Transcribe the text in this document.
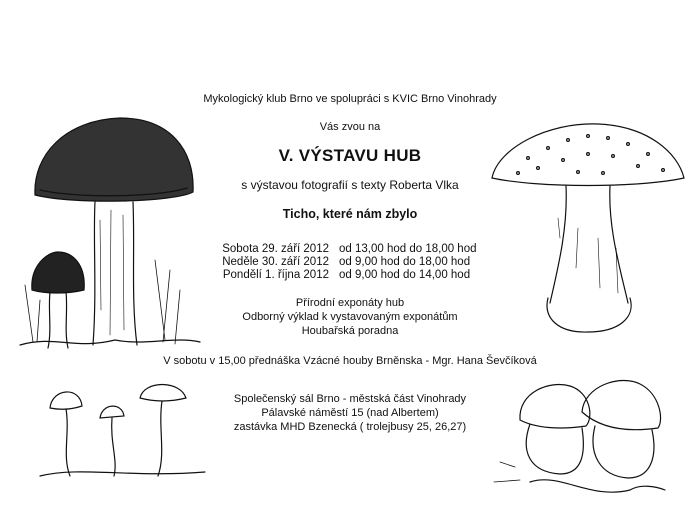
Mykologický klub Brno ve spolupráci s KVIC Brno Vinohrady
Vás zvou na
V. VÝSTAVU HUB
s výstavou fotografií s texty Roberta Vlka
Ticho, které nám zbylo
Sobota 29. září 2012 od 13,00 hod do 18,00 hod
Neděle 30. září 2012 od 9,00 hod do 18,00 hod
Pondělí 1. října 2012 od 9,00 hod do 14,00 hod
Přírodní exponáty hub
Odborný výklad k vystavovaným exponátům
Houbařská poradna
V sobotu v 15,00 přednáška Vzácné houby Brněnska - Mgr. Hana Ševčíková
Společenský sál Brno - městská část Vinohrady
Pálavské náměstí 15 (nad Albertem)
zastávka MHD Bzenecká ( trolejbusy 25, 26,27)
